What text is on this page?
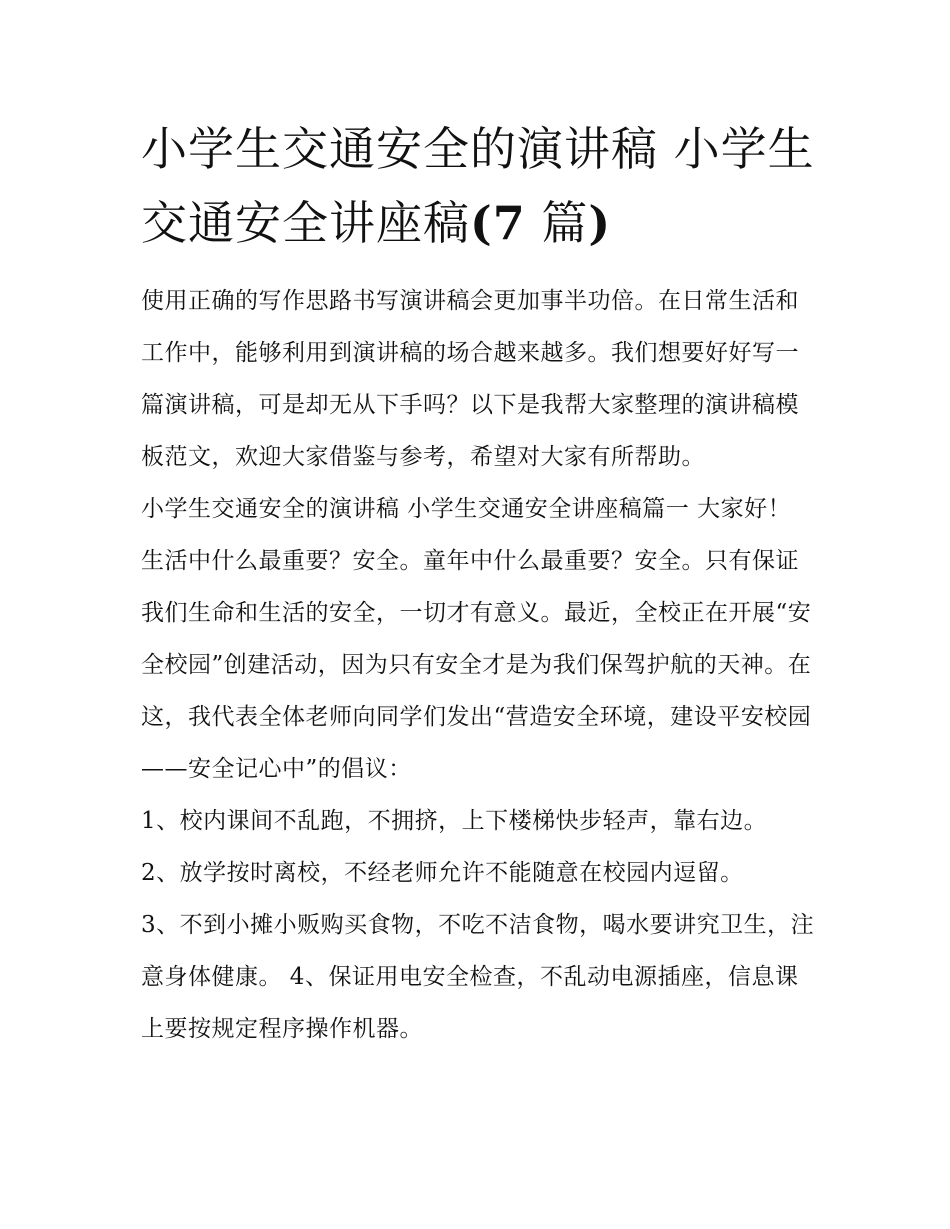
小学生交通安全的演讲稿 小学生交通安全讲座稿(7 篇)

使用正确的写作思路书写演讲稿会更加事半功倍。在日常生活和工作中，能够利用到演讲稿的场合越来越多。我们想要好好写一篇演讲稿，可是却无从下手吗？以下是我帮大家整理的演讲稿模板范文，欢迎大家借鉴与参考，希望对大家有所帮助。

小学生交通安全的演讲稿 小学生交通安全讲座稿篇一 大家好！

生活中什么最重要？安全。童年中什么最重要？安全。只有保证我们生命和生活的安全，一切才有意义。最近，全校正在开展“安全校园”创建活动，因为只有安全才是为我们保驾护航的天神。在这，我代表全体老师向同学们发出“营造安全环境，建设平安校园——安全记心中”的倡议：

1、校内课间不乱跑，不拥挤，上下楼梯快步轻声，靠右边。

2、放学按时离校，不经老师允许不能随意在校园内逗留。

3、不到小摊小贩购买食物，不吃不洁食物，喝水要讲究卫生，注意身体健康。 4、保证用电安全检查，不乱动电源插座，信息课上要按规定程序操作机器。
